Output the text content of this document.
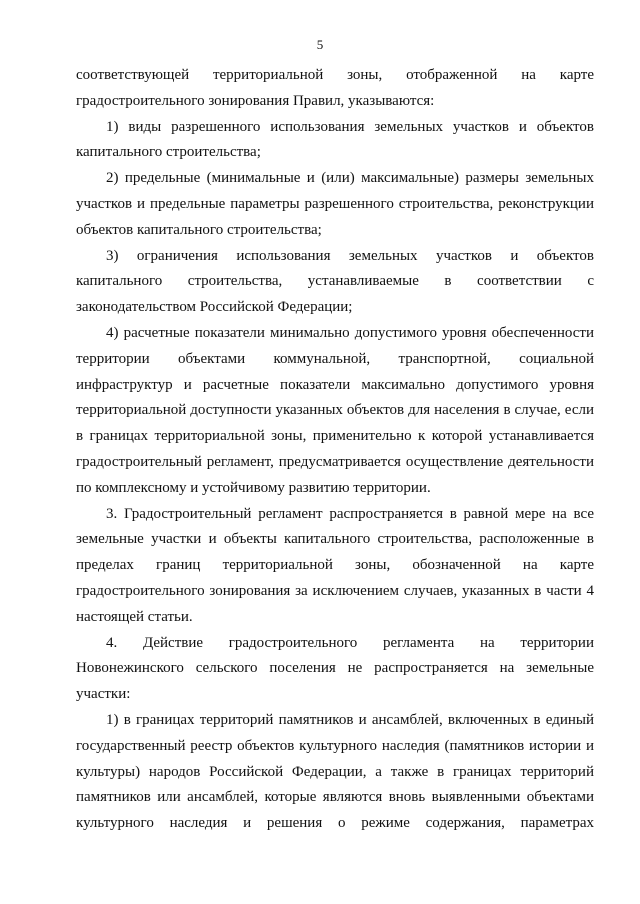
5

соответствующей территориальной зоны, отображенной на карте градостроительного зонирования Правил, указываются:

1) виды разрешенного использования земельных участков и объектов капитального строительства;

2) предельные (минимальные и (или) максимальные) размеры земельных участков и предельные параметры разрешенного строительства, реконструкции объектов капитального строительства;

3) ограничения использования земельных участков и объектов капитального строительства, устанавливаемые в соответствии с законодательством Российской Федерации;

4) расчетные показатели минимально допустимого уровня обеспеченности территории объектами коммунальной, транспортной, социальной инфраструктур и расчетные показатели максимально допустимого уровня территориальной доступности указанных объектов для населения в случае, если в границах территориальной зоны, применительно к которой устанавливается градостроительный регламент, предусматривается осуществление деятельности по комплексному и устойчивому развитию территории.

3. Градостроительный регламент распространяется в равной мере на все земельные участки и объекты капитального строительства, расположенные в пределах границ территориальной зоны, обозначенной на карте градостроительного зонирования за исключением случаев, указанных в части 4 настоящей статьи.

4. Действие градостроительного регламента на территории Новонежинского сельского поселения не распространяется на земельные участки:

1) в границах территорий памятников и ансамблей, включенных в единый государственный реестр объектов культурного наследия (памятников истории и культуры) народов Российской Федерации, а также в границах территорий памятников или ансамблей, которые являются вновь выявленными объектами культурного наследия и решения о режиме содержания, параметрах
